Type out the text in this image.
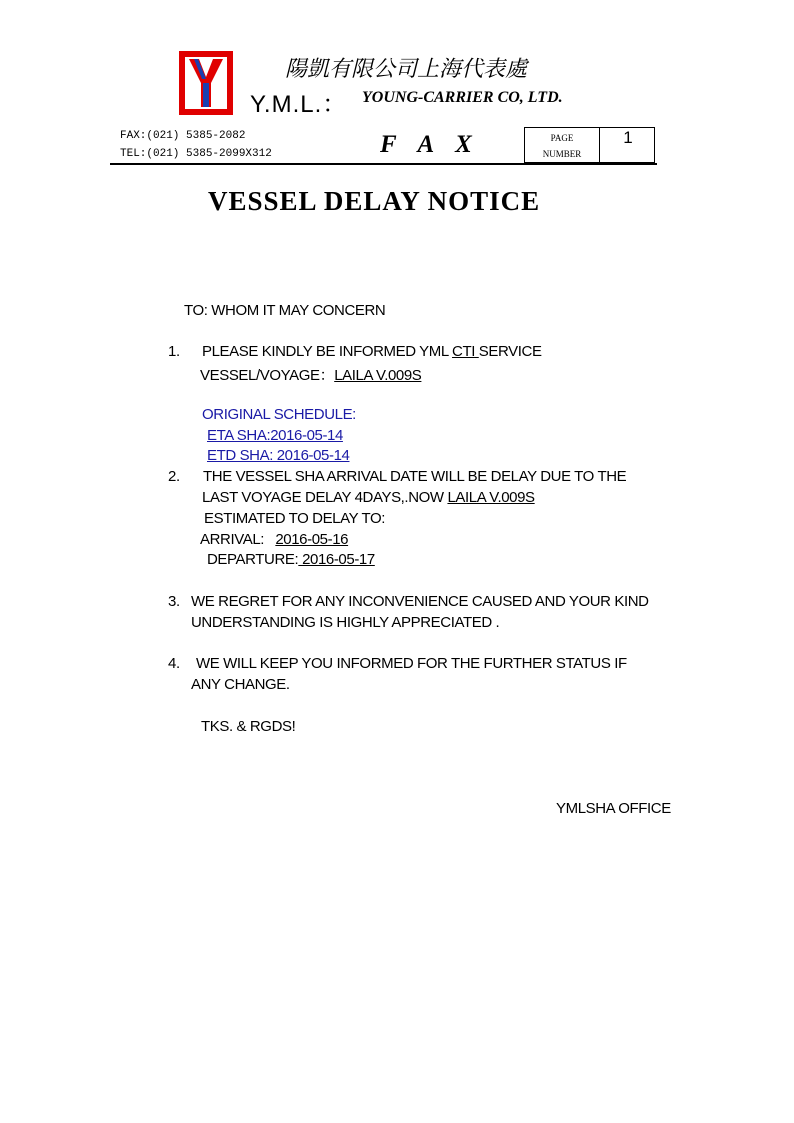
陽凱有限公司上海代表處
Y.M.L.： YOUNG-CARRIER CO, LTD.
FAX:(021) 5385-2082
TEL:(021) 5385-2099X312	F A X	PAGE
NUMBER
1
VESSEL DELAY NOTICE
TO: WHOM IT MAY CONCERN
1. PLEASE KINDLY BE INFORMED YML CTI SERVICE
VESSEL/VOYAGE：LAILA V.009S
ORIGINAL SCHEDULE:
ETA SHA:2016-05-14
ETD SHA: 2016-05-14
2. THE VESSEL SHA ARRIVAL DATE WILL BE DELAY DUE TO THE
LAST VOYAGE DELAY 4DAYS,.NOW LAILA V.009S
ESTIMATED TO DELAY TO:
ARRIVAL:   2016-05-16
DEPARTURE: 2016-05-17
3. WE REGRET FOR ANY INCONVENIENCE CAUSED AND YOUR KIND
UNDERSTANDING IS HIGHLY APPRECIATED .
4. WE WILL KEEP YOU INFORMED FOR THE FURTHER STATUS IF
ANY CHANGE.
TKS. & RGDS!
YMLSHA OFFICE
